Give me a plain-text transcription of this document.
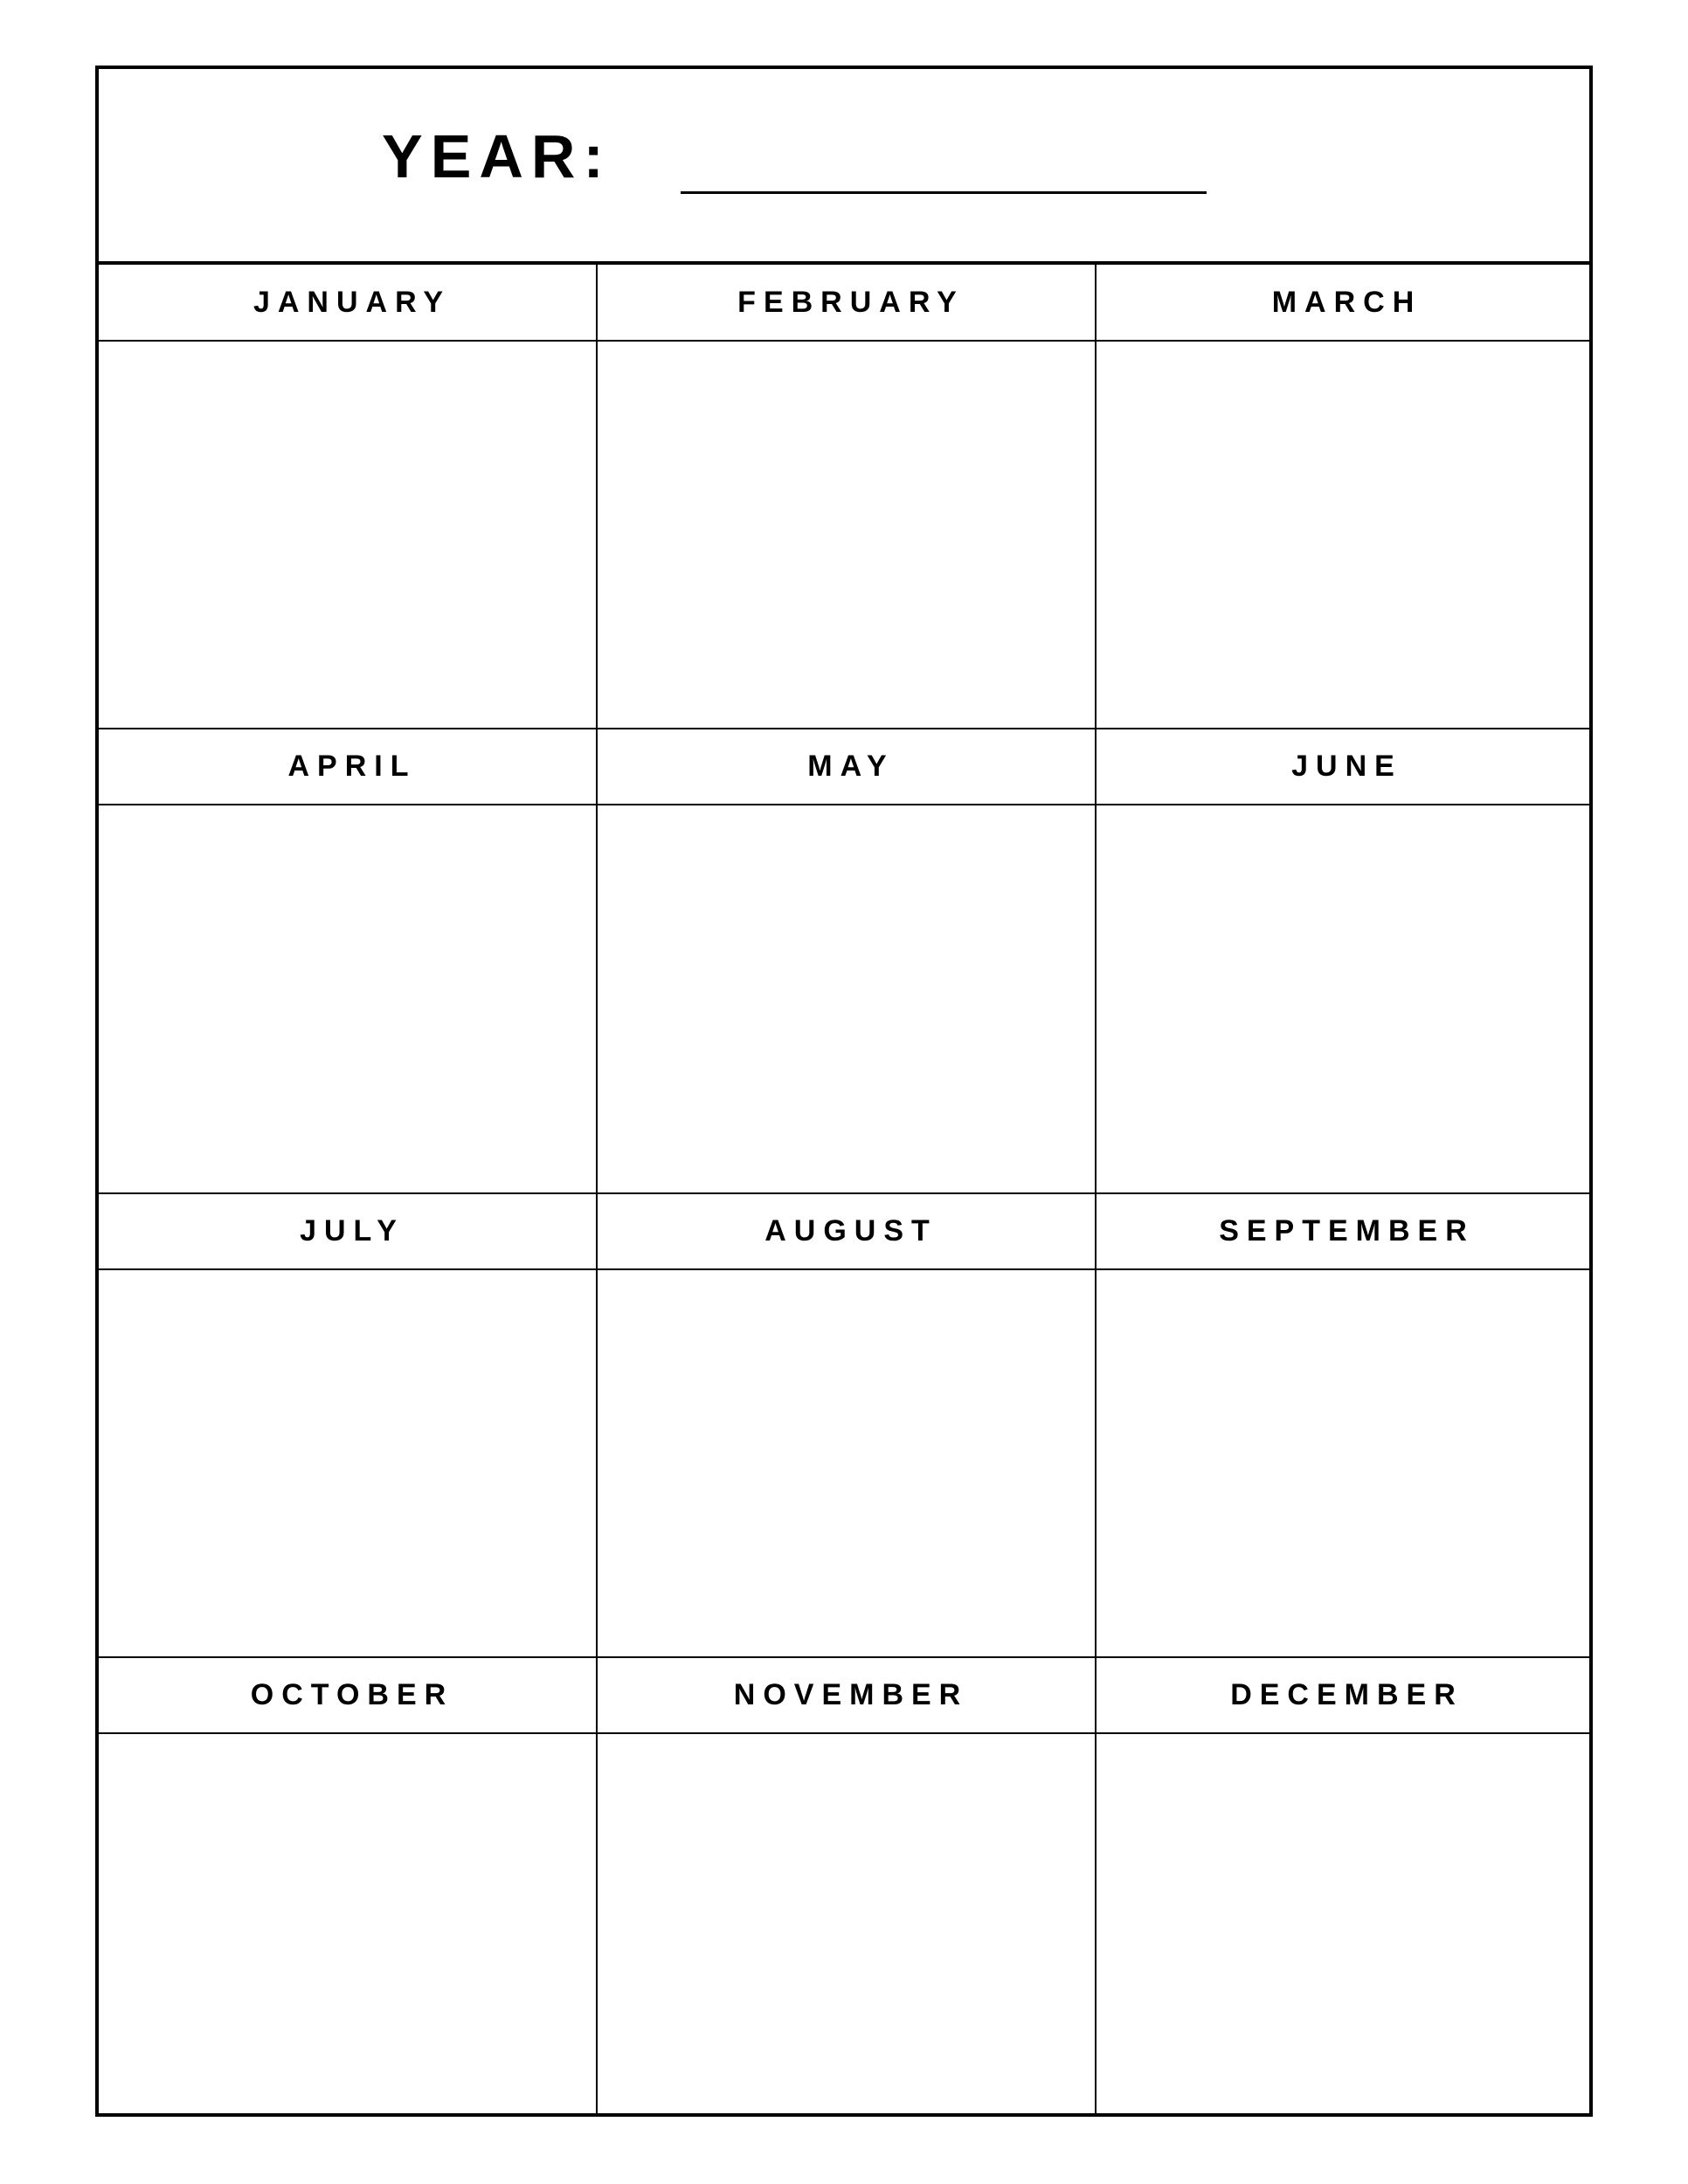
YEAR:
JANUARY	FEBRUARY	MARCH
APRIL	MAY	JUNE
JULY	AUGUST	SEPTEMBER
OCTOBER	NOVEMBER	DECEMBER
